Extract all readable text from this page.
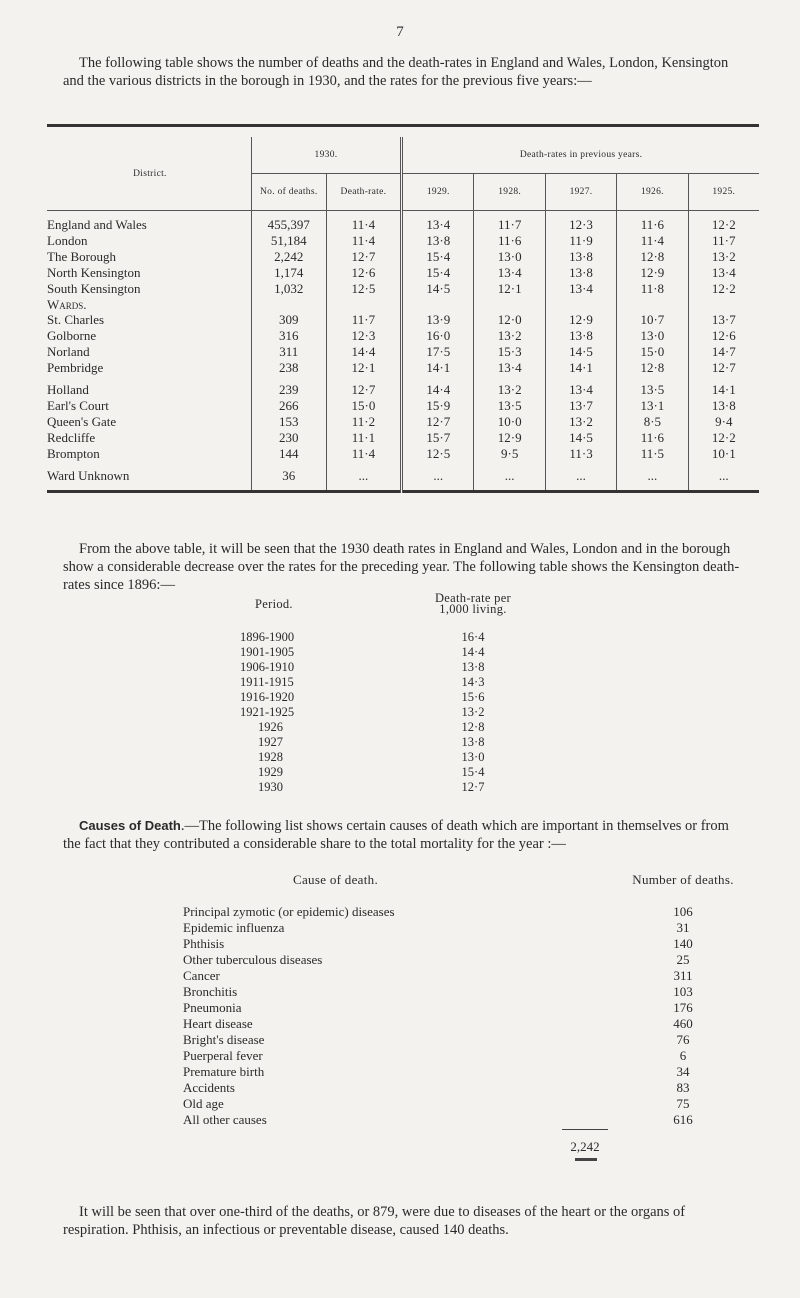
7
The following table shows the number of deaths and the death-rates in England and Wales, London, Kensington and the various districts in the borough in 1930, and the rates for the previous five years:—

District.	1930.		Death-rates in previous years.				
	No. of deaths.	Death-rate.	1929.	1928.	1927.	1926.	1925.

England and Wales	455,397	11·4	13·4	11·7	12·3	11·6	12·2
London	51,184	11·4	13·8	11·6	11·9	11·4	11·7
The Borough	2,242	12·7	15·4	13·0	13·8	12·8	13·2
North Kensington	1,174	12·6	15·4	13·4	13·8	12·9	13·4
South Kensington	1,032	12·5	14·5	12·1	13·4	11·8	12·2
Wards.							
St. Charles	309	11·7	13·9	12·0	12·9	10·7	13·7
Golborne	316	12·3	16·0	13·2	13·8	13·0	12·6
Norland	311	14·4	17·5	15·3	14·5	15·0	14·7
Pembridge	238	12·1	14·1	13·4	14·1	12·8	12·7

Holland	239	12·7	14·4	13·2	13·4	13·5	14·1
Earl's Court	266	15·0	15·9	13·5	13·7	13·1	13·8
Queen's Gate	153	11·2	12·7	10·0	13·2	8·5	9·4
Redcliffe	230	11·1	15·7	12·9	14·5	11·6	12·2
Brompton	144	11·4	12·5	9·5	11·3	11·5	10·1

Ward Unknown	36	...	...	...	...	...	...

From the above table, it will be seen that the 1930 death rates in England and Wales, London and in the borough show a considerable decrease over the rates for the preceding year. The following table shows the Kensington death-rates since 1896:—
Period.	Death-rate per
1,000 living.

1896-1900	16·4
1901-1905	14·4
1906-1910	13·8
1911-1915	14·3
1916-1920	15·6
1921-1925	13·2
1926	12·8
1927	13·8
1928	13·0
1929	15·4
1930	12·7
Causes of Death.—The following list shows certain causes of death which are important in themselves or from the fact that they contributed a considerable share to the total mortality for the year :—
Cause of death.	Number of deaths.

Principal zymotic (or epidemic) diseases	106
Epidemic influenza	31
Phthisis	140
Other tuberculous diseases	25
Cancer	311
Bronchitis	103
Pneumonia	176
Heart disease	460
Bright's disease	76
Puerperal fever	6
Premature birth	34
Accidents	83
Old age	75
All other causes	616
2,242
It will be seen that over one-third of the deaths, or 879, were due to diseases of the heart or the organs of respiration. Phthisis, an infectious or preventable disease, caused 140 deaths.
